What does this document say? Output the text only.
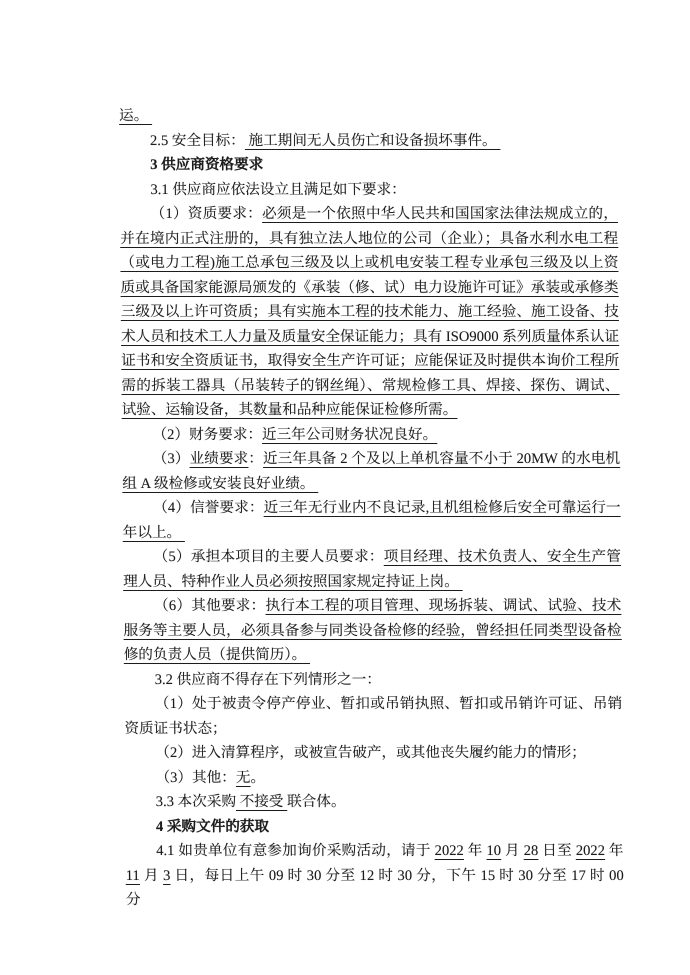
运。

2.5 安全目标： 施工期间无人员伤亡和设备损坏事件。

3 供应商资格要求

3.1 供应商应依法设立且满足如下要求：

（1）资质要求：必须是一个依照中华人民共和国国家法律法规成立的，并在境内正式注册的，具有独立法人地位的公司（企业）；具备水利水电工程（或电力工程)施工总承包三级及以上或机电安装工程专业承包三级及以上资质或具备国家能源局颁发的《承装（修、试）电力设施许可证》承装或承修类三级及以上许可资质；具有实施本工程的技术能力、施工经验、施工设备、技术人员和技术工人力量及质量安全保证能力；具有 ISO9000 系列质量体系认证证书和安全资质证书，取得安全生产许可证；应能保证及时提供本询价工程所需的拆装工器具（吊装转子的钢丝绳）、常规检修工具、焊接、探伤、调试、试验、运输设备，其数量和品种应能保证检修所需。

（2）财务要求：近三年公司财务状况良好。

（3）业绩要求：近三年具备 2 个及以上单机容量不小于 20MW 的水电机组 A 级检修或安装良好业绩。

（4）信誉要求：近三年无行业内不良记录,且机组检修后安全可靠运行一年以上。

（5）承担本项目的主要人员要求：项目经理、技术负责人、安全生产管理人员、特种作业人员必须按照国家规定持证上岗。

（6）其他要求：执行本工程的项目管理、现场拆装、调试、试验、技术服务等主要人员，必须具备参与同类设备检修的经验，曾经担任同类型设备检修的负责人员（提供简历）。

3.2 供应商不得存在下列情形之一：

（1）处于被责令停产停业、暂扣或吊销执照、暂扣或吊销许可证、吊销资质证书状态；

（2）进入清算程序，或被宣告破产，或其他丧失履约能力的情形；

（3）其他：无。

3.3 本次采购 不接受 联合体。

4 采购文件的获取

4.1 如贵单位有意参加询价采购活动，请于 2022 年 10 月 28 日至 2022 年 11 月 3 日，每日上午 09 时 30 分至 12 时 30 分，下午 15 时 30 分至 17 时 00 分
